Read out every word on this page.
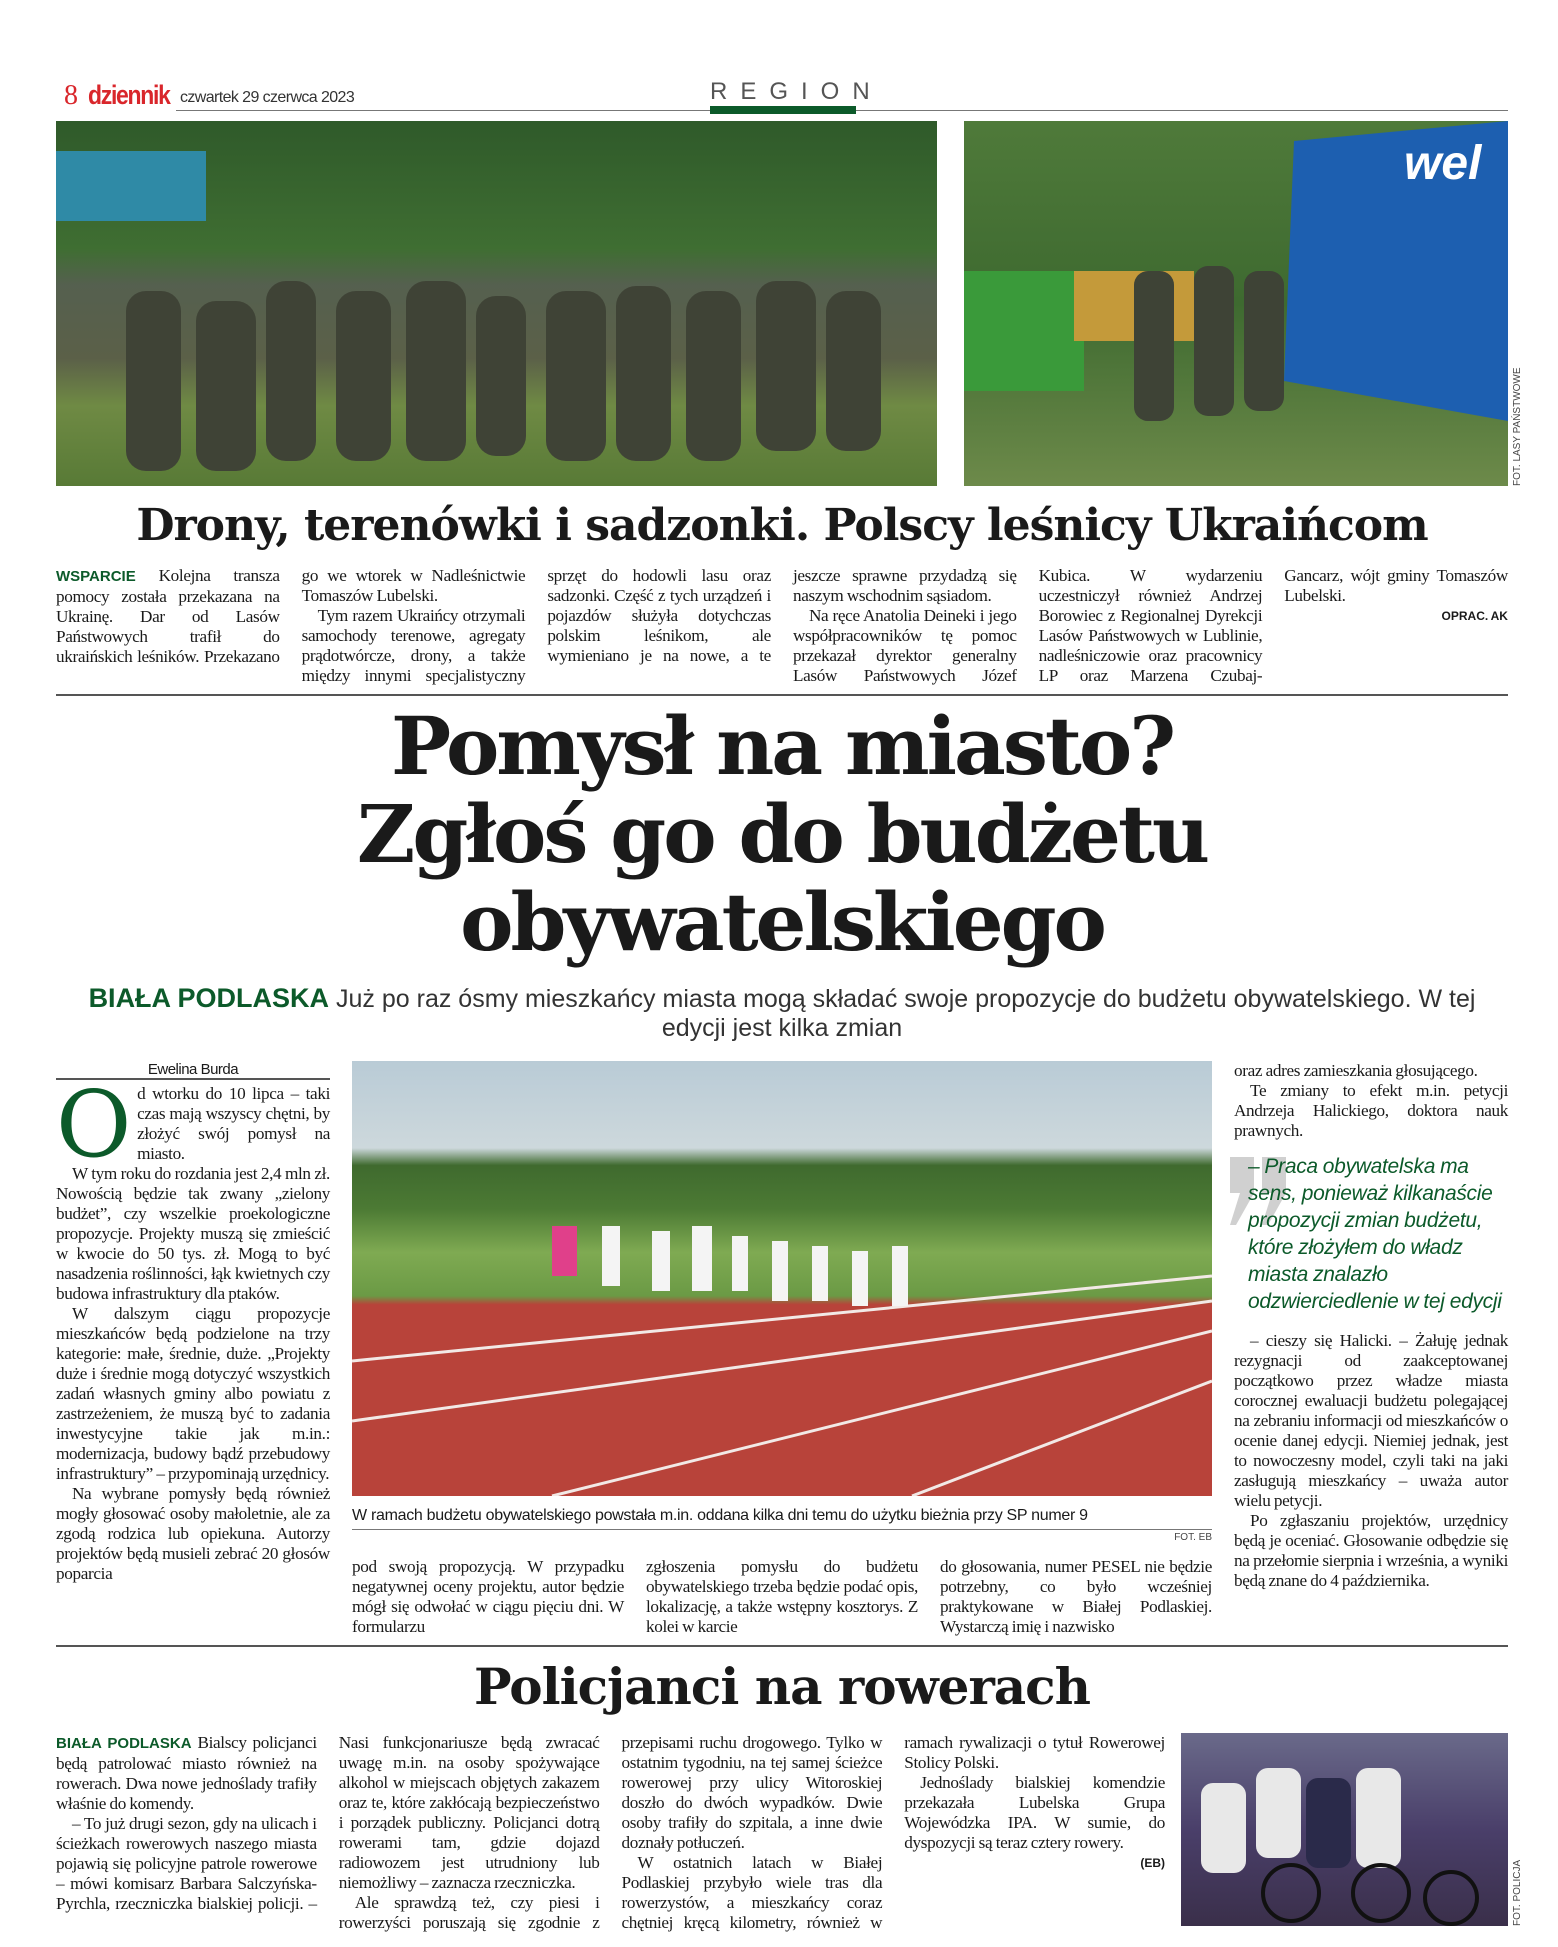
8 dziennik czwartek 29 czerwca 2023	REGION
wel
FOT. LASY PAŃSTWOWE
Drony, terenówki i sadzonki. Polscy leśnicy Ukraińcom

WSPARCIE Kolejna transza pomocy została przekazana na Ukrainę. Dar od Lasów Państwowych trafił do ukraińskich leśników. Przekazano go we wtorek w Nadleśnictwie Tomaszów Lubelski.

Tym razem Ukraińcy otrzymali samochody terenowe, agregaty prądotwórcze, drony, a także między innymi specjalistyczny sprzęt do hodowli lasu oraz sadzonki. Część z tych urządzeń i pojazdów służyła dotychczas polskim leśnikom, ale wymieniano je na nowe, a te jeszcze sprawne przydadzą się naszym wschodnim sąsiadom.

Na ręce Anatolia Deineki i jego współpracowników tę pomoc przekazał dyrektor generalny Lasów Państwowych Józef Kubica. W wydarzeniu uczestniczył również Andrzej Borowiec z Regionalnej Dyrekcji Lasów Państwowych w Lublinie, nadleśniczowie oraz pracownicy LP oraz Marzena Czubaj-Gancarz, wójt gminy Tomaszów Lubelski.

OPRAC. AK
Pomysł na miasto?
Zgłoś go do budżetu obywatelskiego
BIAŁA PODLASKA Już po raz ósmy mieszkańcy miasta mogą składać swoje propozycje do budżetu obywatelskiego. W tej edycji jest kilka zmian
Ewelina Burda

Od wtorku do 10 lipca – taki czas mają wszyscy chętni, by złożyć swój pomysł na miasto.

W tym roku do rozdania jest 2,4 mln zł. Nowością będzie tak zwany „zielony budżet”, czy wszelkie proekologiczne propozycje. Projekty muszą się zmieścić w kwocie do 50 tys. zł. Mogą to być nasadzenia roślinności, łąk kwietnych czy budowa infrastruktury dla ptaków.

W dalszym ciągu propozycje mieszkańców będą podzielone na trzy kategorie: małe, średnie, duże. „Projekty duże i średnie mogą dotyczyć wszystkich zadań własnych gminy albo powiatu z zastrzeżeniem, że muszą być to zadania inwestycyjne takie jak m.in.: modernizacja, budowy bądź przebudowy infrastruktury” – przypominają urzędnicy.

Na wybrane pomysły będą również mogły głosować osoby małoletnie, ale za zgodą rodzica lub opiekuna. Autorzy projektów będą musieli zebrać 20 głosów poparcia

W ramach budżetu obywatelskiego powstała m.in. oddana kilka dni temu do użytku bieżnia przy SP numer 9
FOT. EB
pod swoją propozycją. W przypadku negatywnej oceny projektu, autor będzie mógł się odwołać w ciągu pięciu dni. W formularzu
zgłoszenia pomysłu do budżetu obywatelskiego trzeba będzie podać opis, lokalizację, a także wstępny kosztorys. Z kolei w karcie
do głosowania, numer PESEL nie będzie potrzebny, co było wcześniej praktykowane w Białej Podlaskiej. Wystarczą imię i nazwisko

oraz adres zamieszkania głosującego.

Te zmiany to efekt m.in. petycji Andrzeja Halickiego, doktora nauk prawnych.

– Praca obywatelska ma sens, ponieważ kilkanaście propozycji zmian budżetu, które złożyłem do władz miasta znalazło odzwierciedlenie w tej edycji

– cieszy się Halicki. – Żałuję jednak rezygnacji od zaakceptowanej początkowo przez władze miasta corocznej ewaluacji budżetu polegającej na zebraniu informacji od mieszkańców o ocenie danej edycji. Niemiej jednak, jest to nowoczesny model, czyli taki na jaki zasługują mieszkańcy – uważa autor wielu petycji.

Po zgłaszaniu projektów, urzędnicy będą je oceniać. Głosowanie odbędzie się na przełomie sierpnia i września, a wyniki będą znane do 4 października.

Policjanci na rowerach

BIAŁA PODLASKA Bialscy policjanci będą patrolować miasto również na rowerach. Dwa nowe jednoślady trafiły właśnie do komendy.

– To już drugi sezon, gdy na ulicach i ścieżkach rowerowych naszego miasta pojawią się policyjne patrole rowerowe – mówi komisarz Barbara Salczyńska-Pyrchla, rzeczniczka bialskiej policji. – Nasi funkcjonariusze będą zwracać uwagę m.in. na osoby spożywające alkohol w miejscach objętych zakazem oraz te, które zakłócają bezpieczeństwo i porządek publiczny. Policjanci dotrą rowerami tam, gdzie dojazd radiowozem jest utrudniony lub niemożliwy – zaznacza rzeczniczka.

Ale sprawdzą też, czy piesi i rowerzyści poruszają się zgodnie z przepisami ruchu drogowego. Tylko w ostatnim tygodniu, na tej samej ścieżce rowerowej przy ulicy Witoroskiej doszło do dwóch wypadków. Dwie osoby trafiły do szpitala, a inne dwie doznały potłuczeń.

W ostatnich latach w Białej Podlaskiej przybyło wiele tras dla rowerzystów, a mieszkańcy coraz chętniej kręcą kilometry, również w ramach rywalizacji o tytuł Rowerowej Stolicy Polski.

Jednoślady bialskiej komendzie przekazała Lubelska Grupa Wojewódzka IPA. W sumie, do dyspozycji są teraz cztery rowery.

(EB)	FOT. POLICJA
